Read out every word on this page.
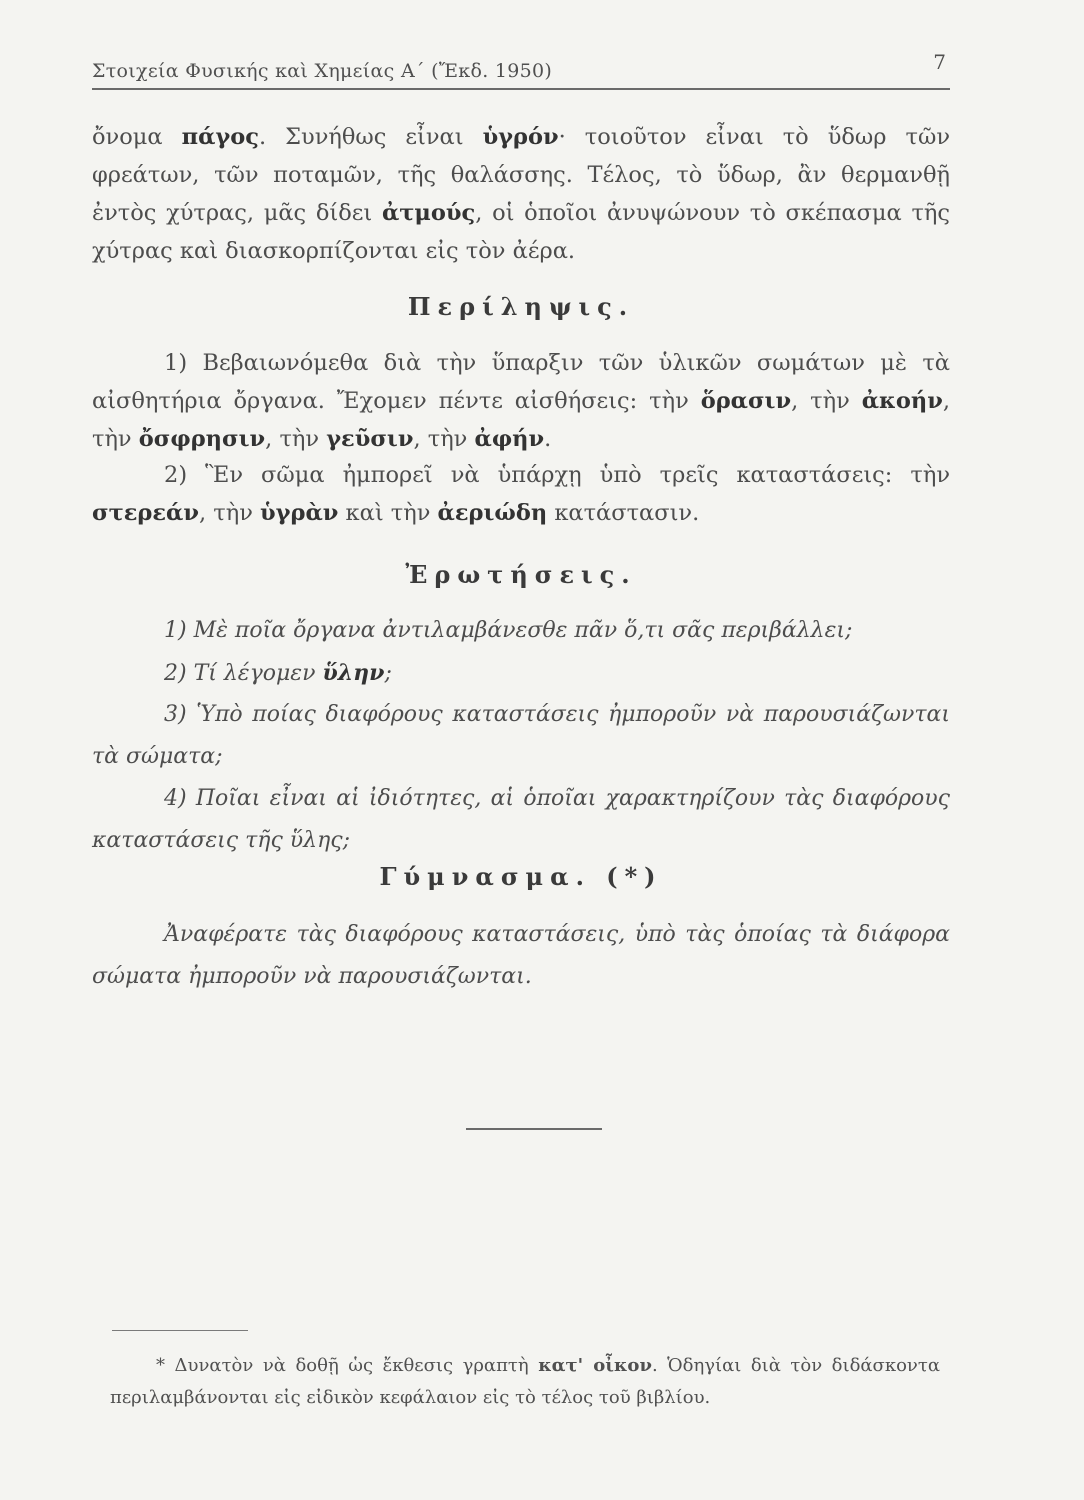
Στοιχεία Φυσικής καὶ Χημείας Α΄ (Ἔκδ. 1950)	7

ὄνομα πάγος. Συνήθως εἶναι ὑγρόν· τοιοῦτον εἶναι τὸ ὕδωρ τῶν φρεάτων, τῶν ποταμῶν, τῆς θαλάσσης. Τέλος, τὸ ὕδωρ, ἂν θερμανθῇ ἐντὸς χύτρας, μᾶς δίδει ἀτμούς, οἱ ὁποῖοι ἀνυψώνουν τὸ σκέπασμα τῆς χύτρας καὶ διασκορπίζονται εἰς τὸν ἀέρα.

Περίληψις.

1) Βεβαιωνόμεθα διὰ τὴν ὕπαρξιν τῶν ὑλικῶν σωμάτων μὲ τὰ αἰσθητήρια ὄργανα. Ἔχομεν πέντε αἰσθήσεις: τὴν ὅρασιν, τὴν ἀκοήν, τὴν ὄσφρησιν, τὴν γεῦσιν, τὴν ἀφήν.

2) Ἓν σῶμα ἠμπορεῖ νὰ ὑπάρχῃ ὑπὸ τρεῖς καταστάσεις: τὴν στερεάν, τὴν ὑγρὰν καὶ τὴν ἀεριώδη κατάστασιν.

Ἐρωτήσεις.

1) Μὲ ποῖα ὄργανα ἀντιλαμβάνεσθε πᾶν ὅ,τι σᾶς περιβάλλει;

2) Τί λέγομεν ὕλην;

3) Ὑπὸ ποίας διαφόρους καταστάσεις ἠμποροῦν νὰ παρουσιάζωνται τὰ σώματα;

4) Ποῖαι εἶναι αἱ ἰδιότητες, αἱ ὁποῖαι χαρακτηρίζουν τὰς διαφόρους καταστάσεις τῆς ὕλης;

Γύμνασμα. (*)

Ἀναφέρατε τὰς διαφόρους καταστάσεις, ὑπὸ τὰς ὁποίας τὰ διάφορα σώματα ἠμποροῦν νὰ παρουσιάζωνται.

* Δυνατὸν νὰ δοθῇ ὡς ἔκθεσις γραπτὴ κατ' οἶκον. Ὁδηγίαι διὰ τὸν διδάσκοντα περιλαμβάνονται εἰς εἰδικὸν κεφάλαιον εἰς τὸ τέλος τοῦ βιβλίου.
